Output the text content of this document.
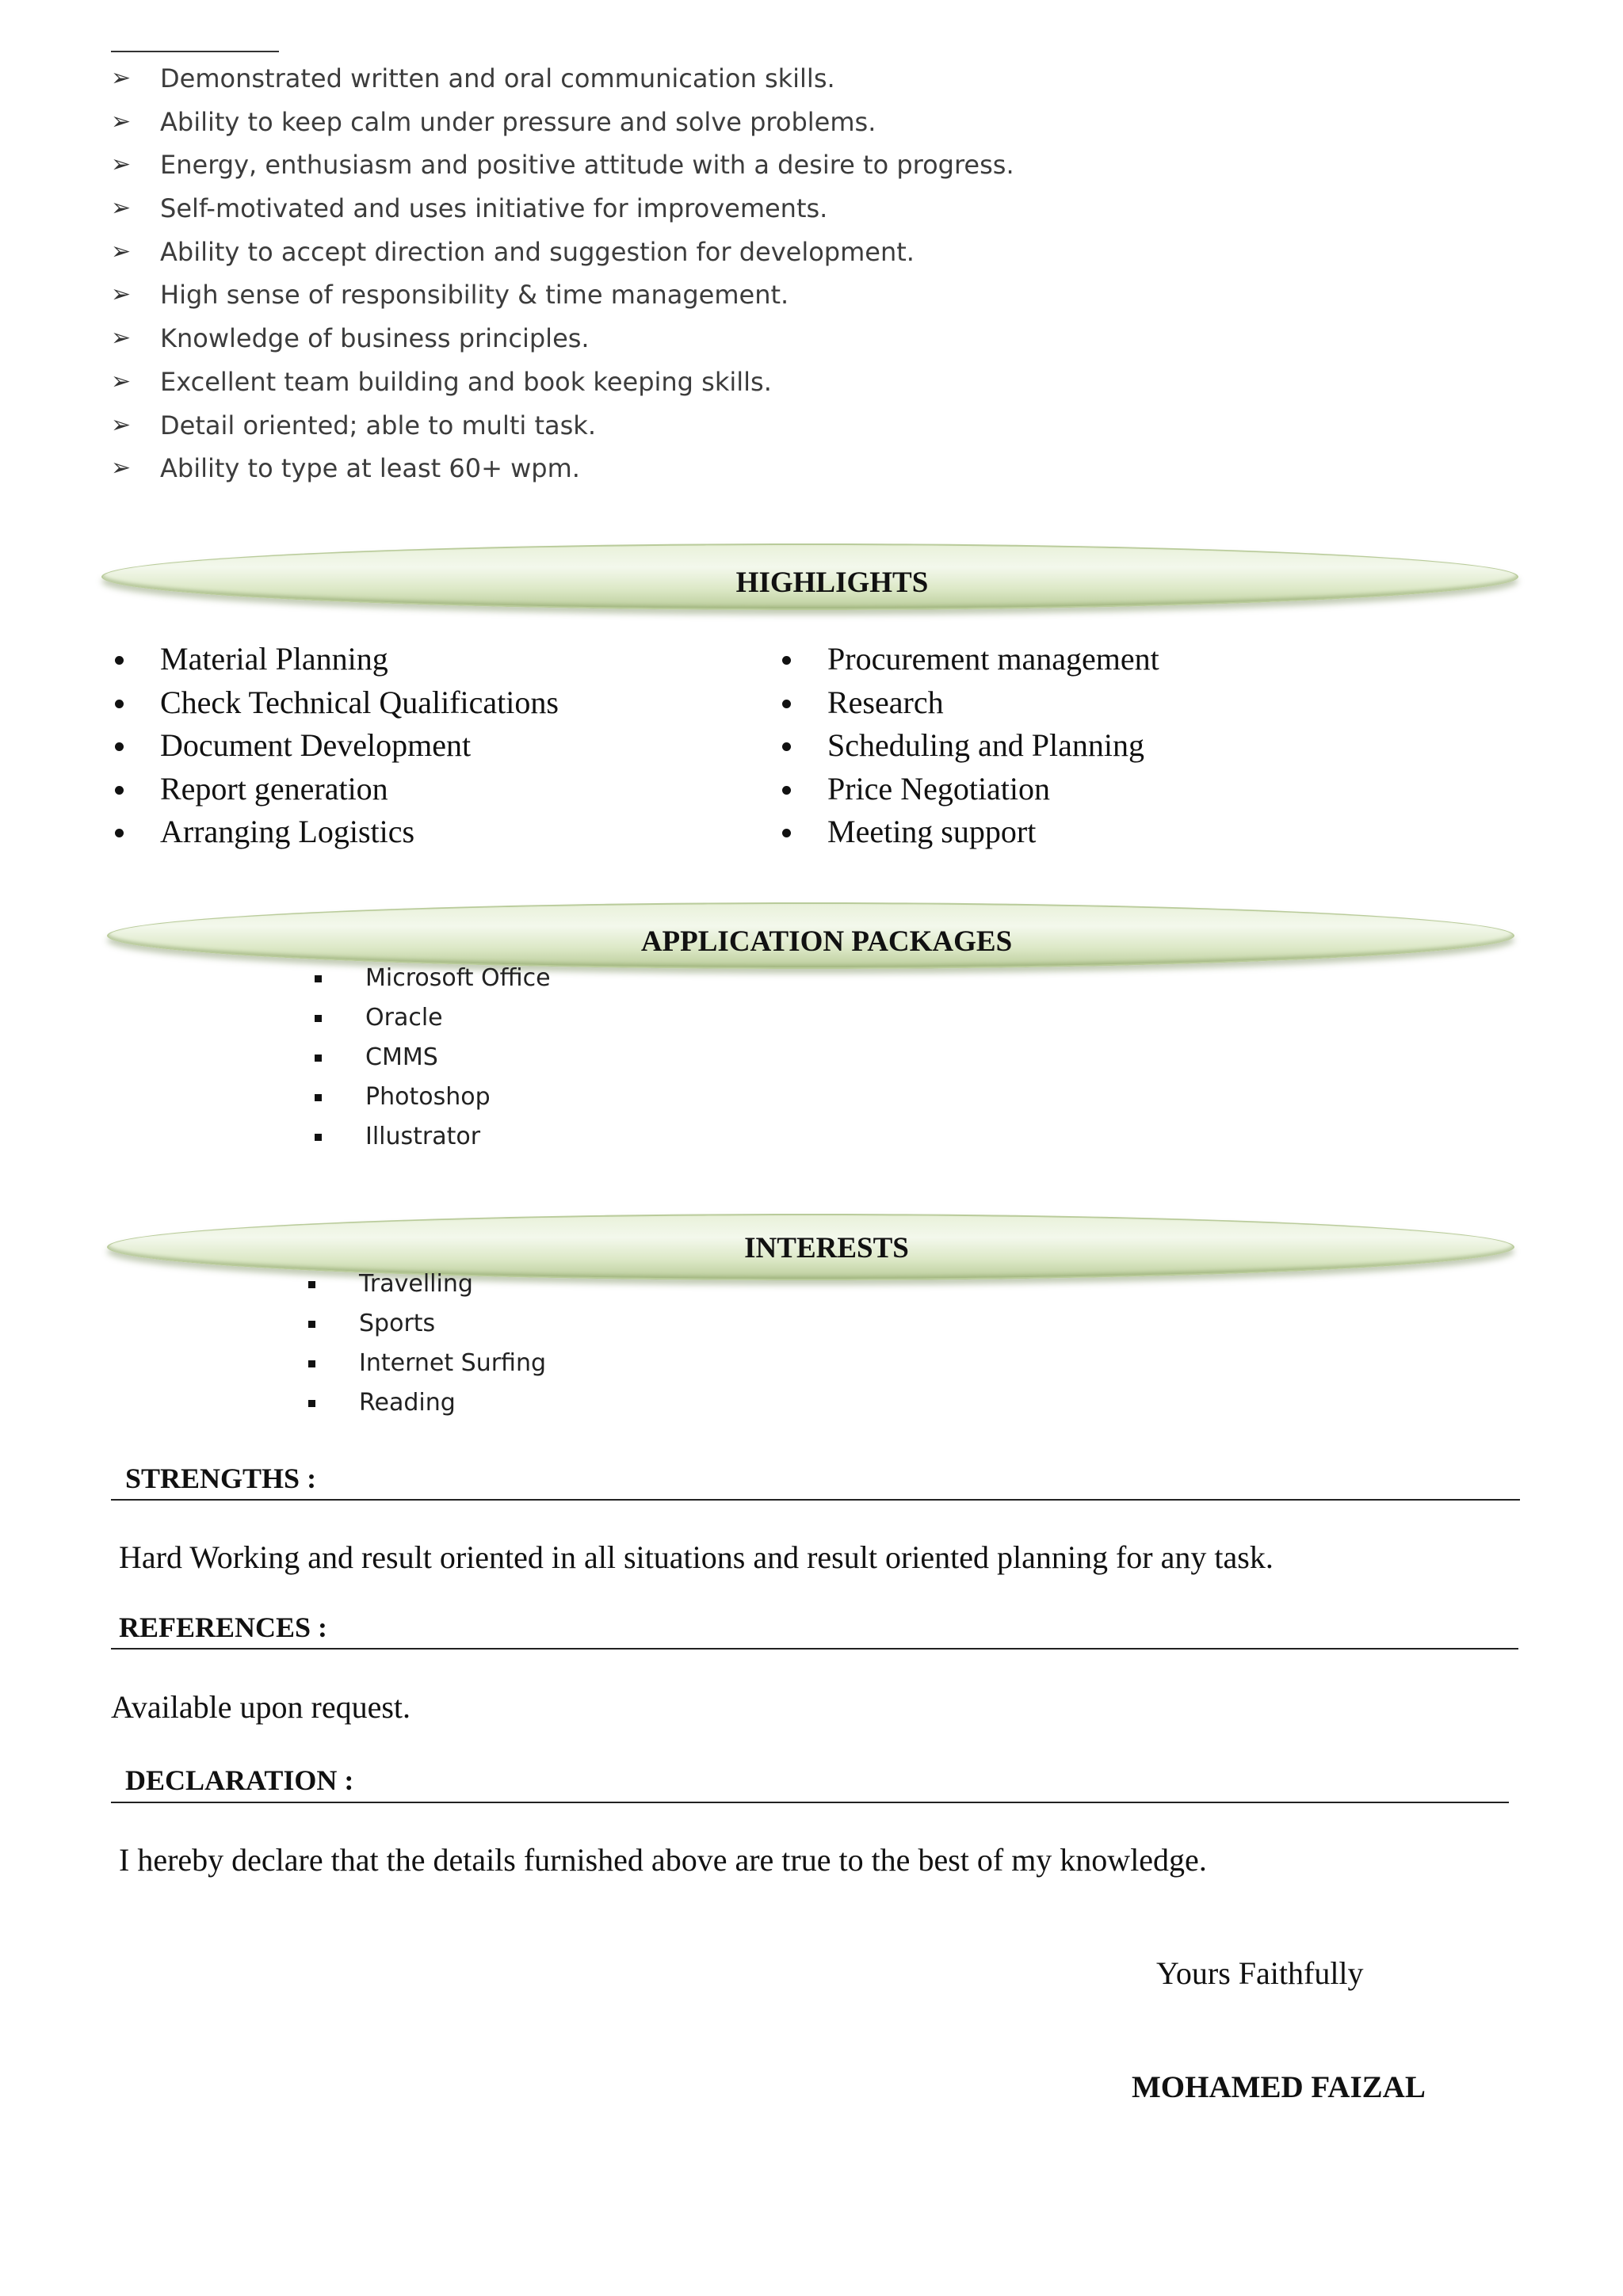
➢	Demonstrated written and oral communication skills.
➢	Ability to keep calm under pressure and solve problems.
➢	Energy, enthusiasm and positive attitude with a desire to progress.
➢	Self-motivated and uses initiative for improvements.
➢	Ability to accept direction and suggestion for development.
➢	High sense of responsibility & time management.
➢	Knowledge of business principles.
➢	Excellent team building and book keeping skills.
➢	Detail oriented; able to multi task.
➢	Ability to type at least 60+ wpm.
HIGHLIGHTS
Material Planning
Check Technical Qualifications
Document Development
Report generation
Arranging Logistics
Procurement management
Research
Scheduling and Planning
Price Negotiation
Meeting support
APPLICATION PACKAGES
Microsoft Office
Oracle
CMMS
Photoshop
Illustrator
INTERESTS
Travelling
Sports
Internet Surfing
Reading
STRENGTHS :
Hard Working and result oriented in all situations and result oriented planning for any task.
REFERENCES :
Available upon request.
DECLARATION :
I hereby declare that the details furnished above are true to the best of my knowledge.
Yours Faithfully
MOHAMED FAIZAL
